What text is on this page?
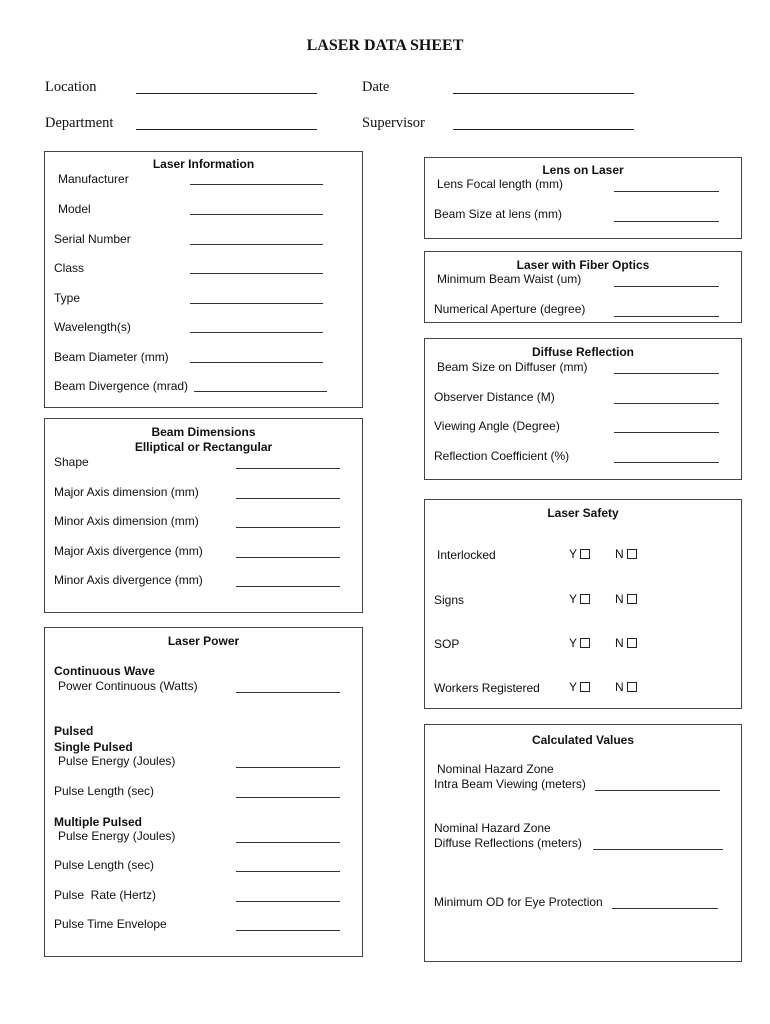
LASER DATA SHEET
Location	Date
Department	Supervisor
Laser Information
Manufacturer
Model
Serial Number
Class
Type
Wavelength(s)
Beam Diameter (mm)
Beam Divergence (mrad)
Beam Dimensions
Elliptical or Rectangular
Shape
Major Axis dimension (mm)
Minor Axis dimension (mm)
Major Axis divergence (mm)
Minor Axis divergence (mm)
Laser Power
Continuous Wave
Power Continuous (Watts)
Pulsed
Single Pulsed
Pulse Energy (Joules)
Pulse Length (sec)
Multiple Pulsed
Pulse Energy (Joules)
Pulse Length (sec)
Pulse  Rate (Hertz)
Pulse Time Envelope
Lens on Laser
Lens Focal length (mm)
Beam Size at lens (mm)
Laser with Fiber Optics
Minimum Beam Waist (um)
Numerical Aperture (degree)
Diffuse Reflection
Beam Size on Diffuser (mm)
Observer Distance (M)
Viewing Angle (Degree)
Reflection Coefficient (%)
Laser Safety
Interlocked	Y	N
Signs	Y	N
SOP	Y	N
Workers Registered Y	N
Calculated Values
Nominal Hazard Zone
Intra Beam Viewing (meters)
Nominal Hazard Zone
Diffuse Reflections (meters)
Minimum OD for Eye Protection
